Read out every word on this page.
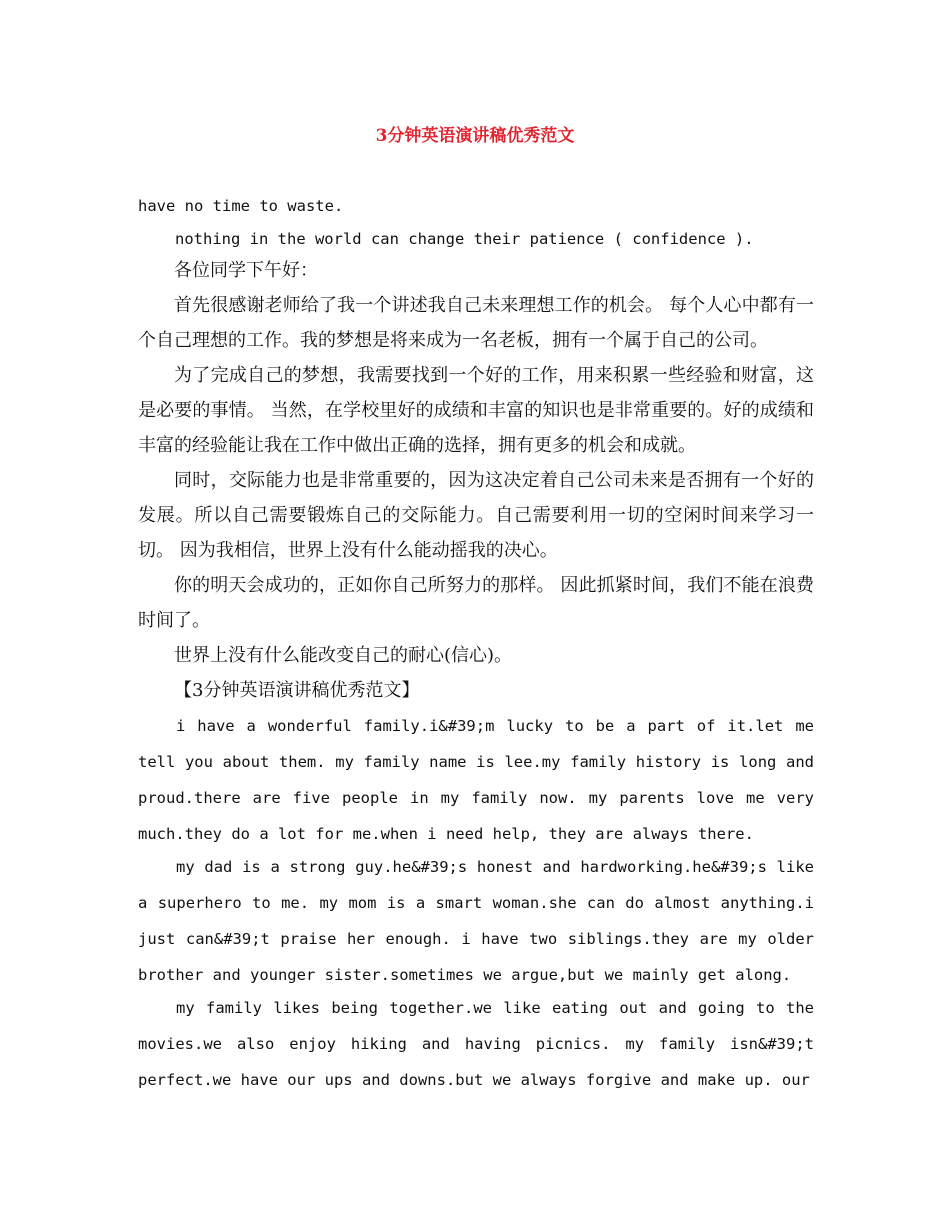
3分钟英语演讲稿优秀范文

have no time to waste.

nothing in the world can change their patience ( confidence ).

各位同学下午好：

首先很感谢老师给了我一个讲述我自己未来理想工作的机会。 每个人心中都有一个自己理想的工作。我的梦想是将来成为一名老板，拥有一个属于自己的公司。

为了完成自己的梦想，我需要找到一个好的工作，用来积累一些经验和财富，这是必要的事情。 当然，在学校里好的成绩和丰富的知识也是非常重要的。好的成绩和丰富的经验能让我在工作中做出正确的选择，拥有更多的机会和成就。

同时，交际能力也是非常重要的，因为这决定着自己公司未来是否拥有一个好的发展。所以自己需要锻炼自己的交际能力。自己需要利用一切的空闲时间来学习一切。 因为我相信，世界上没有什么能动摇我的决心。

你的明天会成功的，正如你自己所努力的那样。 因此抓紧时间，我们不能在浪费时间了。

世界上没有什么能改变自己的耐心(信心)。

【3分钟英语演讲稿优秀范文】

i have a wonderful family.i&#39;m lucky to be a part of it.let me tell you about them. my family name is lee.my family history is long and proud.there are five people in my family now. my parents love me very much.they do a lot for me.when i need help, they are always there.

my dad is a strong guy.he&#39;s honest and hardworking.he&#39;s like a superhero to me. my mom is a smart woman.she can do almost anything.i just can&#39;t praise her enough. i have two siblings.they are my older brother and younger sister.sometimes we argue,but we mainly get along.

my family likes being together.we like eating out and going to the movies.we also enjoy hiking and having picnics. my family isn&#39;t perfect.we have our ups and downs.but we always forgive and make up. our
